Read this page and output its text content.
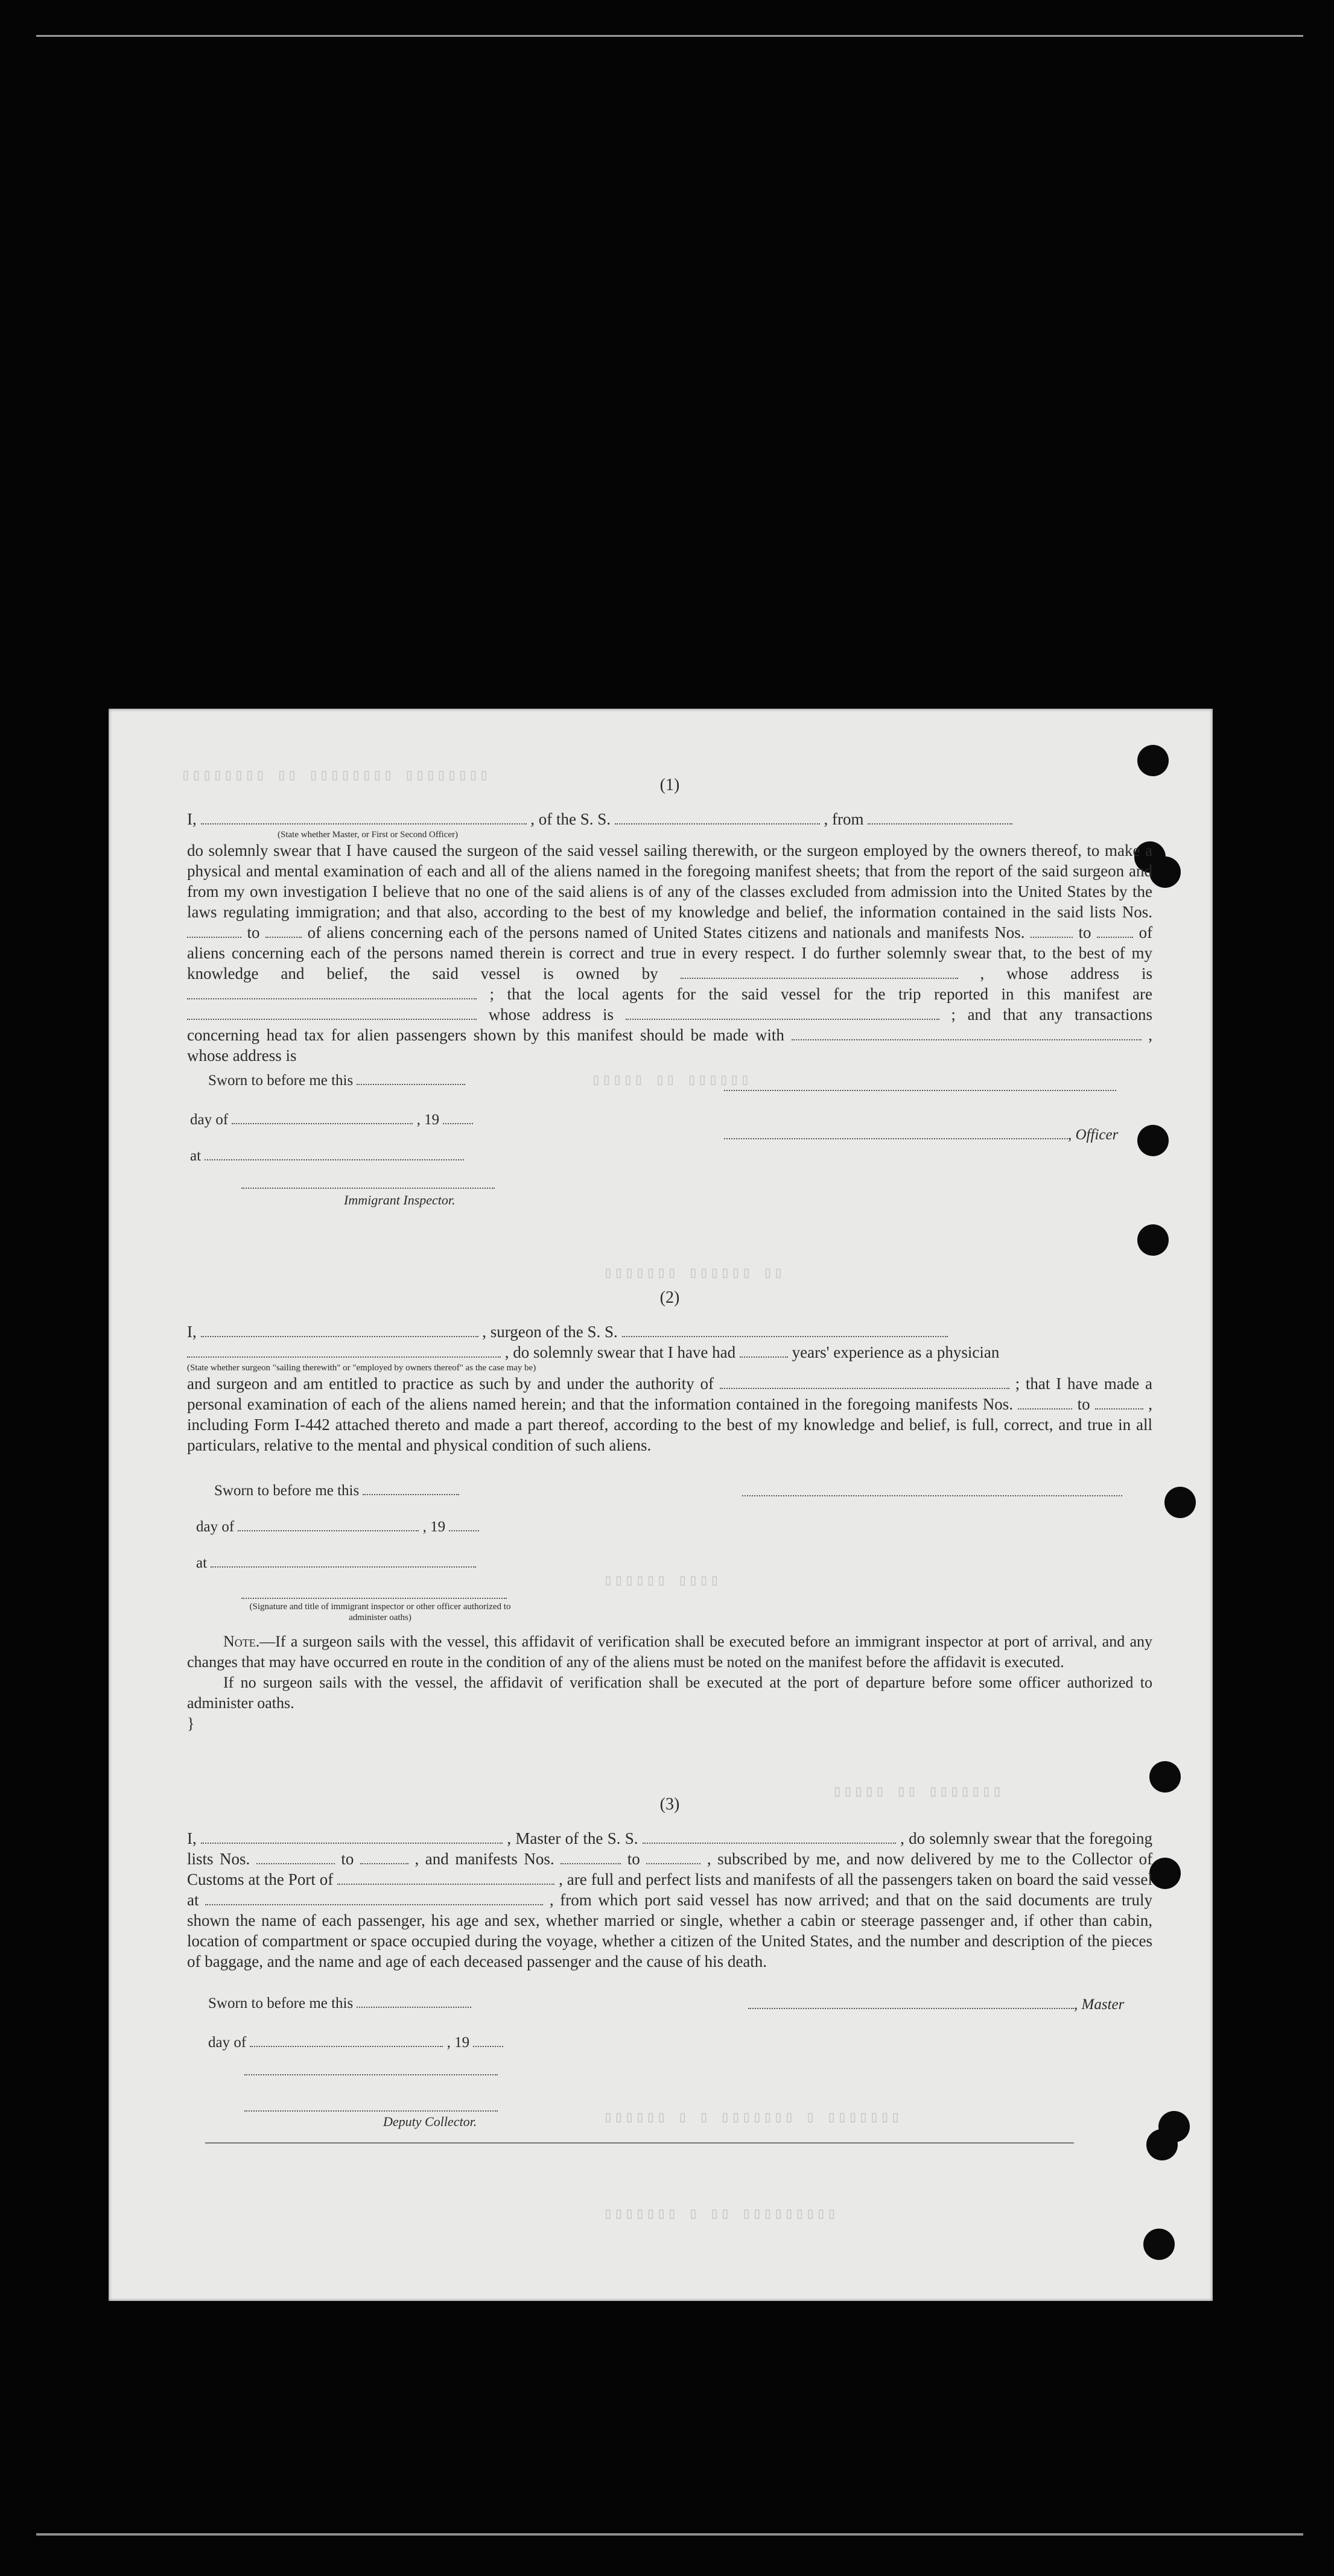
▯▯▯▯▯▯▯▯ ▯▯ ▯▯▯▯▯▯▯▯ ▯▯▯▯▯▯▯▯
▯▯▯▯▯ ▯▯ ▯▯▯▯▯▯
▯▯▯▯▯▯▯ ▯▯▯▯▯▯ ▯▯
▯▯▯▯▯▯ ▯▯▯▯
▯▯▯▯▯ ▯▯ ▯▯▯▯▯▯▯
▯▯▯▯▯▯ ▯ ▯ ▯▯▯▯▯▯▯ ▯ ▯▯▯▯▯▯▯
▯▯▯▯▯▯▯ ▯ ▯▯ ▯▯▯▯▯▯▯▯▯
(1)
I,	, of the S. S.	, from
(State whether Master, or First or Second Officer)
do solemnly swear that I have caused the surgeon of the said vessel sailing therewith, or the surgeon employed by the owners thereof, to make a physical and mental examination of each and all of the aliens named in the foregoing manifest sheets; that from the report of the said surgeon and from my own investigation I believe that no one of the said aliens is of any of the classes excluded from admission into the United States by the laws regulating immigration; and that also, according to the best of my knowledge and belief, the information contained in the said lists Nos.  to	of aliens concerning each of the persons named of United States citizens and nationals and manifests Nos.	to	of aliens concerning each of the persons named therein is correct and true in every respect. I do further solemnly swear that, to the best of my knowledge and belief, the said vessel is owned by	, whose address is  ; that the local agents for the said vessel for the trip reported in this manifest are  whose address is	; and that any transactions concerning head tax for alien passengers shown by this manifest should be made with	, whose address is
Sworn to before me this
day of	, 19
at
, Officer
Immigrant Inspector.
(2)
I,	, surgeon of the S. S.
, do solemnly swear that I have had	years' experience as a physician
(State whether surgeon "sailing therewith" or "employed by owners thereof" as the case may be)
and surgeon and am entitled to practice as such by and under the authority of	; that I have made a personal examination of each of the aliens named herein; and that the information contained in the foregoing manifests Nos.	to	, including Form I-442 attached thereto and made a part thereof, according to the best of my knowledge and belief, is full, correct, and true in all particulars, relative to the mental and physical condition of such aliens.
Sworn to before me this
day of	, 19
at
(Signature and title of immigrant inspector or other officer authorized to administer oaths)
Note.—If a surgeon sails with the vessel, this affidavit of verification shall be executed before an immigrant inspector at port of arrival, and any changes that may have occurred en route in the condition of any of the aliens must be noted on the manifest before the affidavit is executed.
If no surgeon sails with the vessel, the affidavit of verification shall be executed at the port of departure before some officer authorized to administer oaths.
}
(3)
I,	, Master of the S. S.	, do solemnly swear that the foregoing lists Nos.	to	, and manifests Nos.	to	, subscribed by me, and now delivered by me to the Collector of Customs at the Port of	, are full and perfect lists and manifests of all the passengers taken on board the said vessel at	, from which port said vessel has now arrived; and that on the said documents are truly shown the name of each passenger, his age and sex, whether married or single, whether a cabin or steerage passenger and, if other than cabin, location of compartment or space occupied during the voyage, whether a citizen of the United States, and the number and description of the pieces of baggage, and the name and age of each deceased passenger and the cause of his death.
Sworn to before me this
day of	, 19
, Master
Deputy Collector.
